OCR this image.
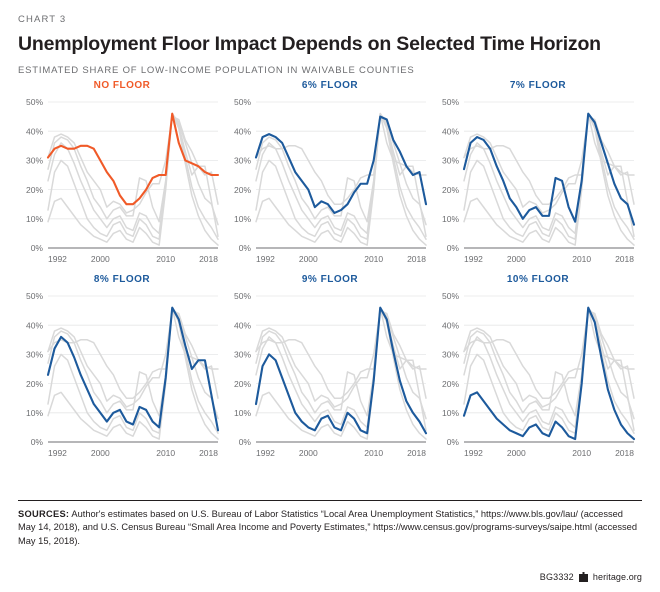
CHART 3
Unemployment Floor Impact Depends on Selected Time Horizon
ESTIMATED SHARE OF LOW-INCOME POPULATION IN WAIVABLE COUNTIES
NO FLOOR
0%
10%
20%
30%
40%
50%
1992	2000	2010	2018
6% FLOOR
0%
10%
20%
30%
40%
50%
1992	2000	2010	2018
7% FLOOR
0%
10%
20%
30%
40%
50%
1992	2000	2010	2018
8% FLOOR
0%
10%
20%
30%
40%
50%
1992	2000	2010	2018
9% FLOOR
0%
10%
20%
30%
40%
50%
1992	2000	2010	2018
10% FLOOR
0%
10%
20%
30%
40%
50%
1992	2000	2010	2018
SOURCES: Author's estimates based on U.S. Bureau of Labor Statistics “Local Area Unemployment Statistics,” https://www.bls.gov/lau/ (accessed May 14, 2018), and U.S. Census Bureau “Small Area Income and Poverty Estimates,” https://www.census.gov/programs-surveys/saipe.html (accessed May 15, 2018).
BG3332 heritage.org
